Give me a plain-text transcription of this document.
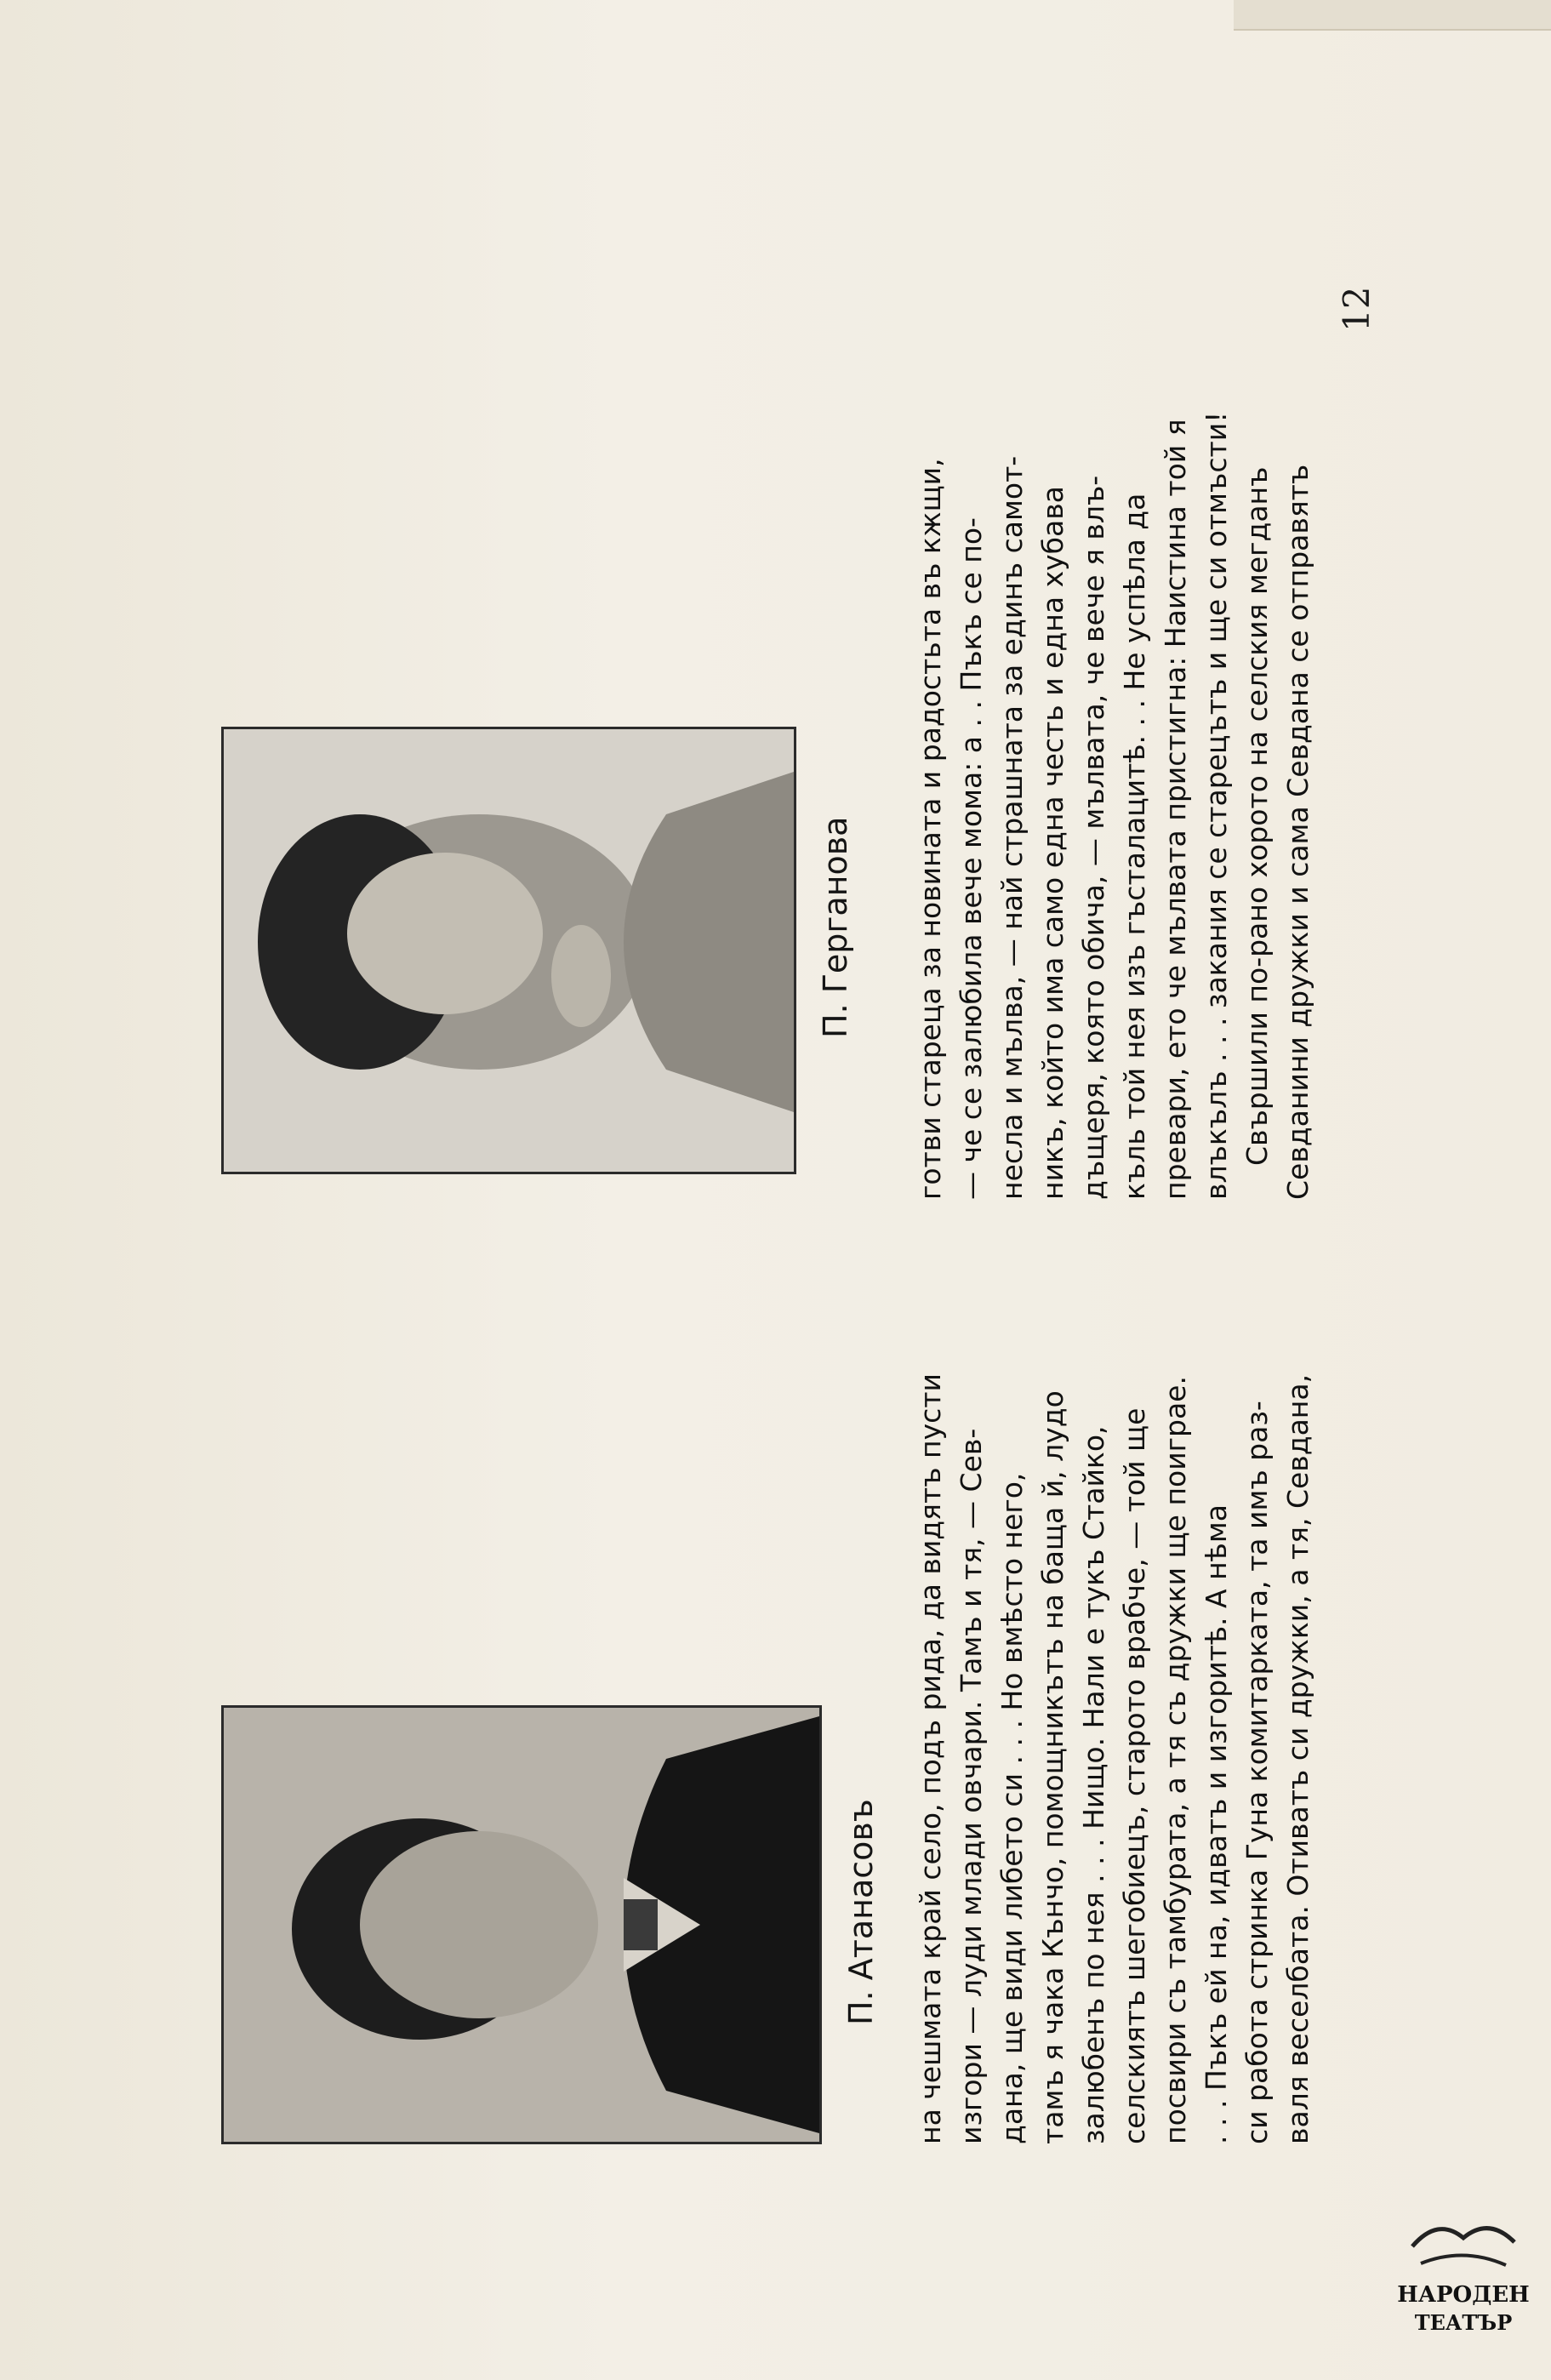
П. Герганова
П. Атанасовъ на чешмата край село, подъ рида, да видятъ пусти изгори — луди млади овчари. Тамъ и тя, — Сев- дана, ще види либето си . . . Но вмѣсто него, тамъ я чака Кънчо, помощникътъ на баща й, лудо залюбенъ по нея . . . Нищо. Нали е тукъ Стайко, селскиятъ шегобиецъ, старото врабче, — той ще посвири съ тамбурата, а тя съ дружки ще поиграе. . . . Пъкъ ей на, идватъ и изгоритѣ. А нѣма си работа стринка Гуна комитарката, та имъ раз- валя веселбата. Отиватъ си дружки, а тя, Севдана,

готви стареца за новината и радостьта въ кжщи, — че се залюбила вече мома: а . . Пъкъ се по- несла и мълва, — най страшната за единъ самот- никъ, който има само една честь и една хубава дъщеря, която обича, — мълвата, че вече я влъ- къль той нея изъ гъсталацитѣ. . . Не успѣла да превари, ето че мълвата пристигна: Наистина той я влъкълъ . . . закания се старецътъ и ще си отмъсти! Свършили по-рано хорото на селския мегданъ Севданини дружки и сама Севдана се отправятъ

12
НАРОДЕН
ТЕАТЪР
